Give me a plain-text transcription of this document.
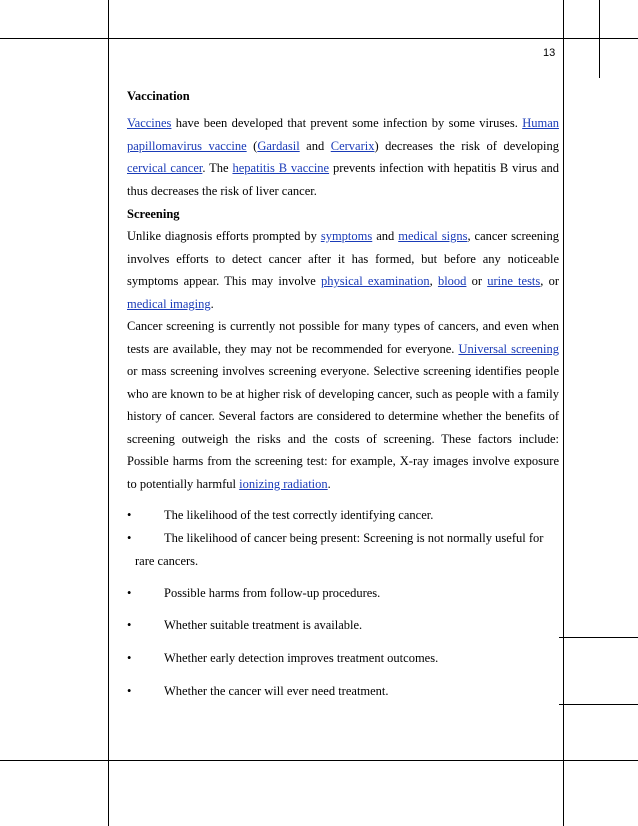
13
Vaccination
Vaccines have been developed that prevent some infection by some viruses. Human papillomavirus vaccine (Gardasil and Cervarix) decreases the risk of developing cervical cancer. The hepatitis B vaccine prevents infection with hepatitis B virus and thus decreases the risk of liver cancer.
Screening
Unlike diagnosis efforts prompted by symptoms and medical signs, cancer screening involves efforts to detect cancer after it has formed, but before any noticeable symptoms appear. This may involve physical examination, blood or urine tests, or medical imaging.
Cancer screening is currently not possible for many types of cancers, and even when tests are available, they may not be recommended for everyone. Universal screening or mass screening involves screening everyone. Selective screening identifies people who are known to be at higher risk of developing cancer, such as people with a family history of cancer. Several factors are considered to determine whether the benefits of screening outweigh the risks and the costs of screening. These factors include: Possible harms from the screening test: for example, X-ray images involve exposure to potentially harmful ionizing radiation.
•	The likelihood of the test correctly identifying cancer.
•	The likelihood of cancer being present: Screening is not normally useful for
rare cancers.
•	Possible harms from follow-up procedures.
•	Whether suitable treatment is available.
•	Whether early detection improves treatment outcomes.
•	Whether the cancer will ever need treatment.
